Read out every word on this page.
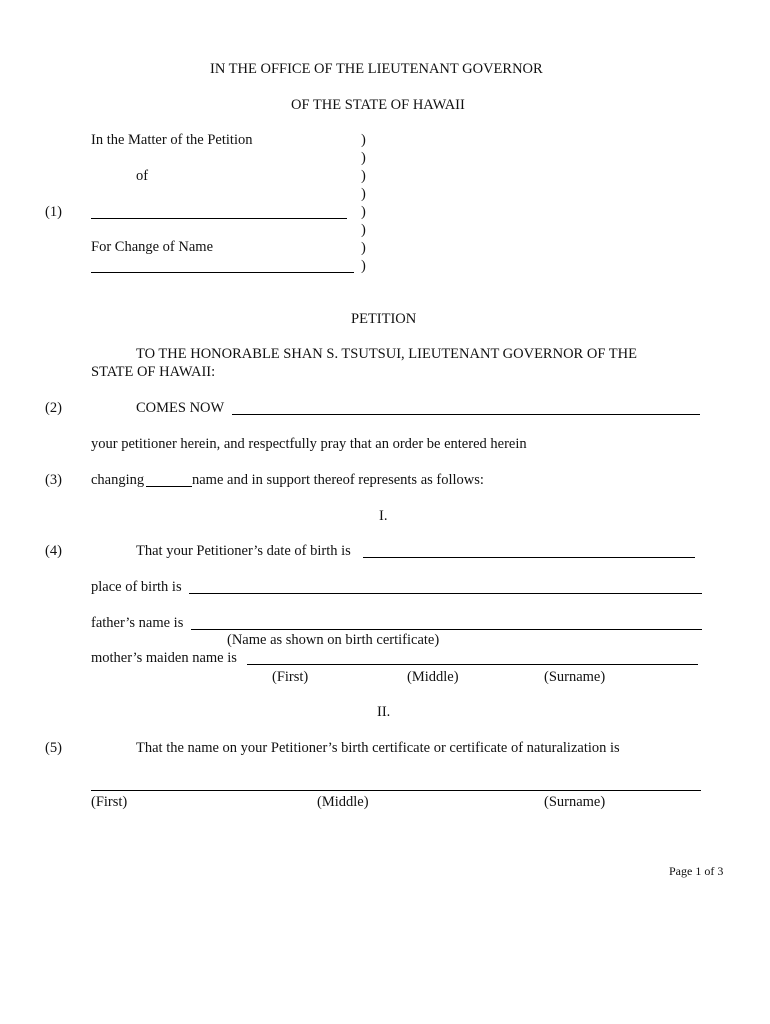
IN THE OFFICE OF THE LIEUTENANT GOVERNOR
OF THE STATE OF HAWAII
In the Matter of the Petition
of
(1)
For Change of Name
)
)
)
)
)
)
)
)
PETITION
TO THE HONORABLE SHAN S. TSUTSUI, LIEUTENANT GOVERNOR OF THE
STATE OF HAWAII:
(2)	COMES NOW
your petitioner herein, and respectfully pray that an order be entered herein
(3) changing	name and in support thereof represents as follows:
I.
(4)	That your Petitioner’s date of birth is
place of birth is
father’s name is
(Name as shown on birth certificate)
mother’s maiden name is
(First)	(Middle)	(Surname)
II.
(5)	That the name on your Petitioner’s birth certificate or certificate of naturalization is
(First)	(Middle)	(Surname)
Page 1 of 3
